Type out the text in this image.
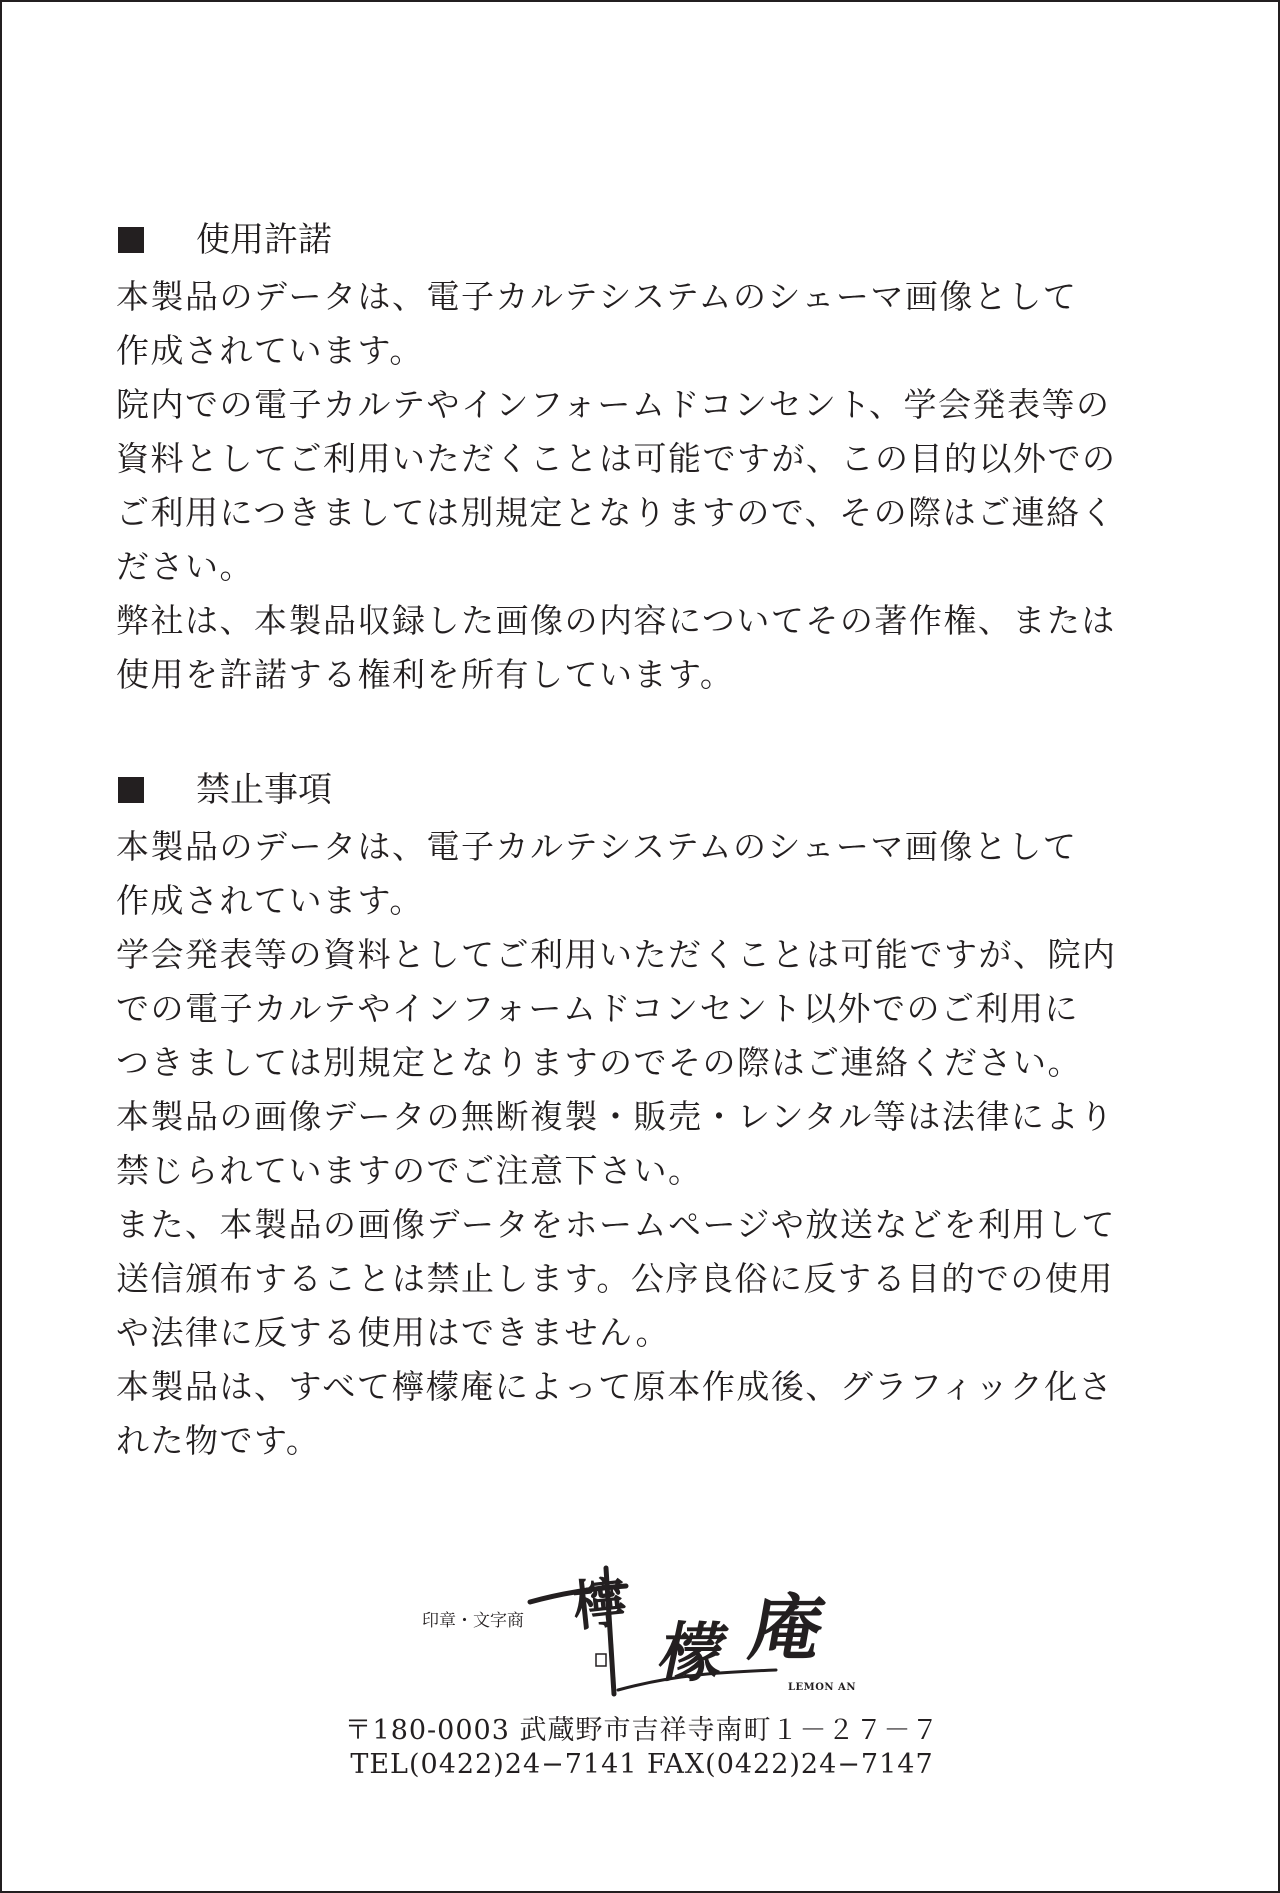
使用許諾

本製品のデータは、電子カルテシステムのシェーマ画像として

作成されています。

院内での電子カルテやインフォームドコンセント、学会発表等の

資料としてご利用いただくことは可能ですが、この目的以外での

ご利用につきましては別規定となりますので、その際はご連絡く

ださい。

弊社は、本製品収録した画像の内容についてその著作権、または

使用を許諾する権利を所有しています。

禁止事項

本製品のデータは、電子カルテシステムのシェーマ画像として

作成されています。

学会発表等の資料としてご利用いただくことは可能ですが、院内

での電子カルテやインフォームドコンセント以外でのご利用に

つきましては別規定となりますのでその際はご連絡ください。

本製品の画像データの無断複製・販売・レンタル等は法律により

禁じられていますのでご注意下さい。

また、本製品の画像データをホームページや放送などを利用して

送信頒布することは禁止します。公序良俗に反する目的での使用

や法律に反する使用はできません。

本製品は、すべて檸檬庵によって原本作成後、グラフィック化さ

れた物です。

印章・文字商 檸
檬 庵
LEMON AN
〒180-0003 武蔵野市吉祥寺南町１－２７－７
TEL(0422)24−7141 FAX(0422)24−7147
